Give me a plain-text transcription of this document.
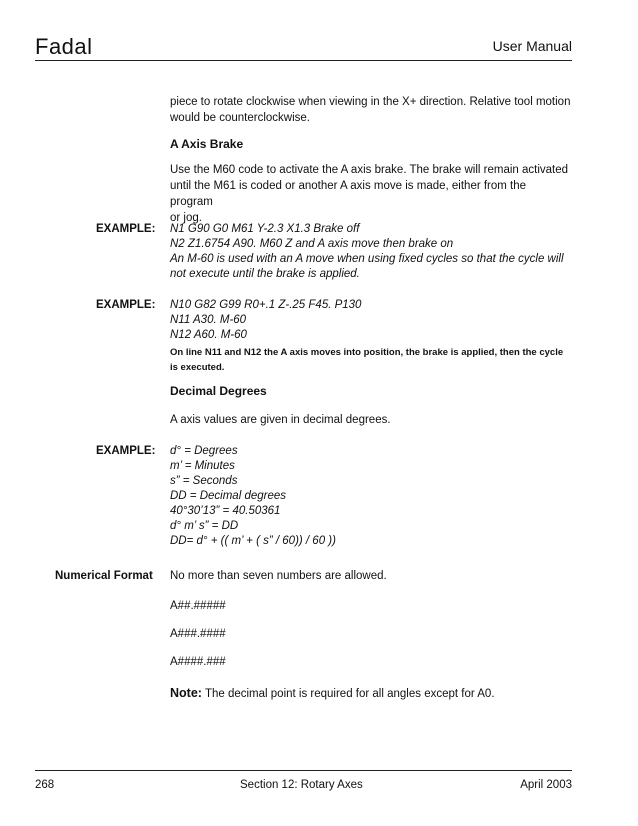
Fadal	User Manual
piece to rotate clockwise when viewing in the X+ direction. Relative tool motion
would be counterclockwise.
A Axis Brake
Use the M60 code to activate the A axis brake. The brake will remain activated
until the M61 is coded or another A axis move is made, either from the program
or jog.
EXAMPLE: N1 G90 G0 M61 Y-2.3 X1.3 Brake off
N2 Z1.6754 A90. M60 Z and A axis move then brake on
An M-60 is used with an A move when using fixed cycles so that the cycle will
not execute until the brake is applied.
EXAMPLE: N10 G82 G99 R0+.1 Z-.25 F45. P130
N11 A30. M-60
N12 A60. M-60
On line N11 and N12 the A axis moves into position, the brake is applied, then the cycle
is executed.
Decimal Degrees
A axis values are given in decimal degrees.
EXAMPLE: d° = Degrees
m’ = Minutes
s” = Seconds
DD = Decimal degrees
40°30’13” = 40.50361
d° m’ s” = DD
DD= d° + (( m’ + ( s” / 60)) / 60 ))
Numerical Format No more than seven numbers are allowed.
A##.#####
A###.####
A####.###
Note: The decimal point is required for all angles except for A0.
268	Section 12: Rotary Axes	April 2003
